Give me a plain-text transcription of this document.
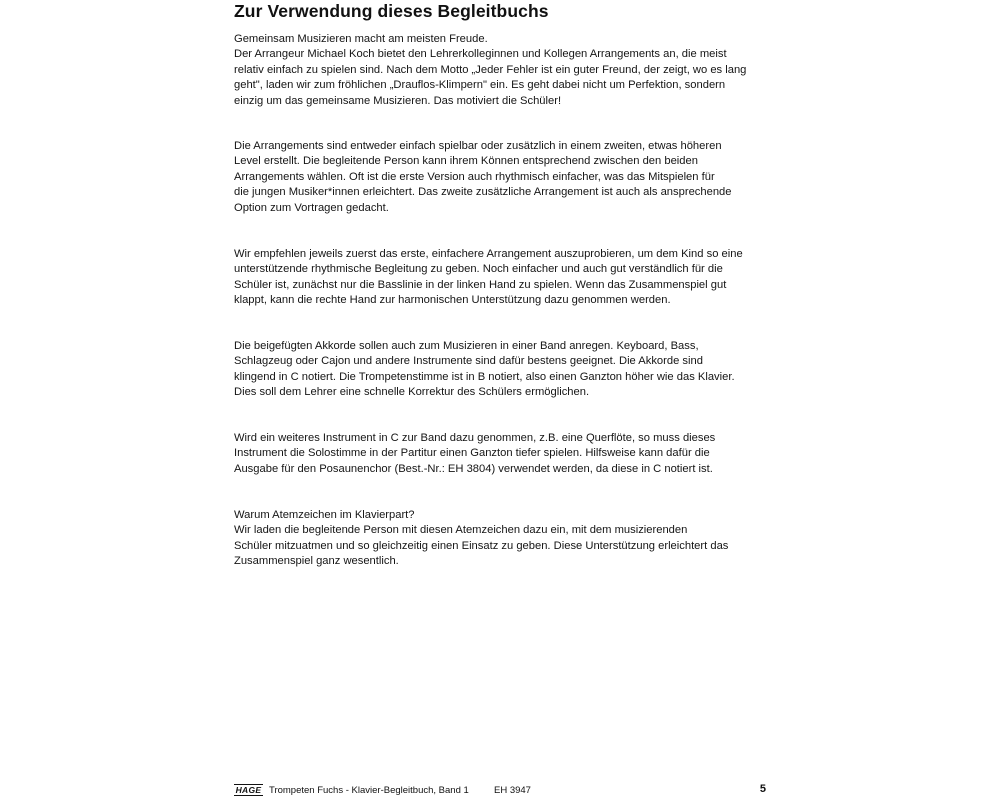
Zur Verwendung dieses Begleitbuchs

Gemeinsam Musizieren macht am meisten Freude.
Der Arrangeur Michael Koch bietet den Lehrerkolleginnen und Kollegen Arrangements an, die meist
relativ einfach zu spielen sind. Nach dem Motto „Jeder Fehler ist ein guter Freund, der zeigt, wo es lang
geht", laden wir zum fröhlichen „Drauflos-Klimpern" ein. Es geht dabei nicht um Perfektion, sondern
einzig um das gemeinsame Musizieren. Das motiviert die Schüler!

Die Arrangements sind entweder einfach spielbar oder zusätzlich in einem zweiten, etwas höheren
Level erstellt. Die begleitende Person kann ihrem Können entsprechend zwischen den beiden
Arrangements wählen. Oft ist die erste Version auch rhythmisch einfacher, was das Mitspielen für
die jungen Musiker*innen erleichtert. Das zweite zusätzliche Arrangement ist auch als ansprechende
Option zum Vortragen gedacht.

Wir empfehlen jeweils zuerst das erste, einfachere Arrangement auszuprobieren, um dem Kind so eine
unterstützende rhythmische Begleitung zu geben. Noch einfacher und auch gut verständlich für die
Schüler ist, zunächst nur die Basslinie in der linken Hand zu spielen. Wenn das Zusammenspiel gut
klappt, kann die rechte Hand zur harmonischen Unterstützung dazu genommen werden.

Die beigefügten Akkorde sollen auch zum Musizieren in einer Band anregen. Keyboard, Bass,
Schlagzeug oder Cajon und andere Instrumente sind dafür bestens geeignet. Die Akkorde sind
klingend in C notiert. Die Trompetenstimme ist in B notiert, also einen Ganzton höher wie das Klavier.
Dies soll dem Lehrer eine schnelle Korrektur des Schülers ermöglichen.

Wird ein weiteres Instrument in C zur Band dazu genommen, z.B. eine Querflöte, so muss dieses
Instrument die Solostimme in der Partitur einen Ganzton tiefer spielen. Hilfsweise kann dafür die
Ausgabe für den Posaunenchor (Best.-Nr.: EH 3804) verwendet werden, da diese in C notiert ist.

Warum Atemzeichen im Klavierpart?
Wir laden die begleitende Person mit diesen Atemzeichen dazu ein, mit dem musizierenden
Schüler mitzuatmen und so gleichzeitig einen Einsatz zu geben. Diese Unterstützung erleichtert das
Zusammenspiel ganz wesentlich.

HAGE Trompeten Fuchs - Klavier-Begleitbuch, Band 1	EH 3947	5
